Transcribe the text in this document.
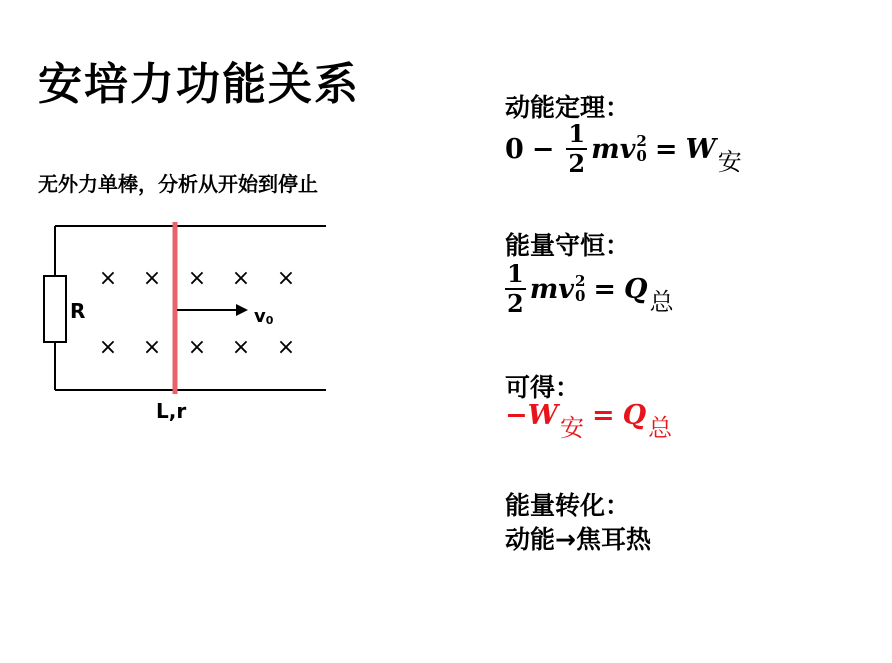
安培力功能关系
无外力单棒，分析从开始到停止
R
× × × × ×
× × × × ×
v0
L,r
动能定理：
$0 - \frac{1}{2}$ mv 2
0 = W 安
能量守恒：
$\frac{1}{2}$ mv 2
0 = Q 总
可得：
−W 安 = Q 总
能量转化：
动能→焦耳热
